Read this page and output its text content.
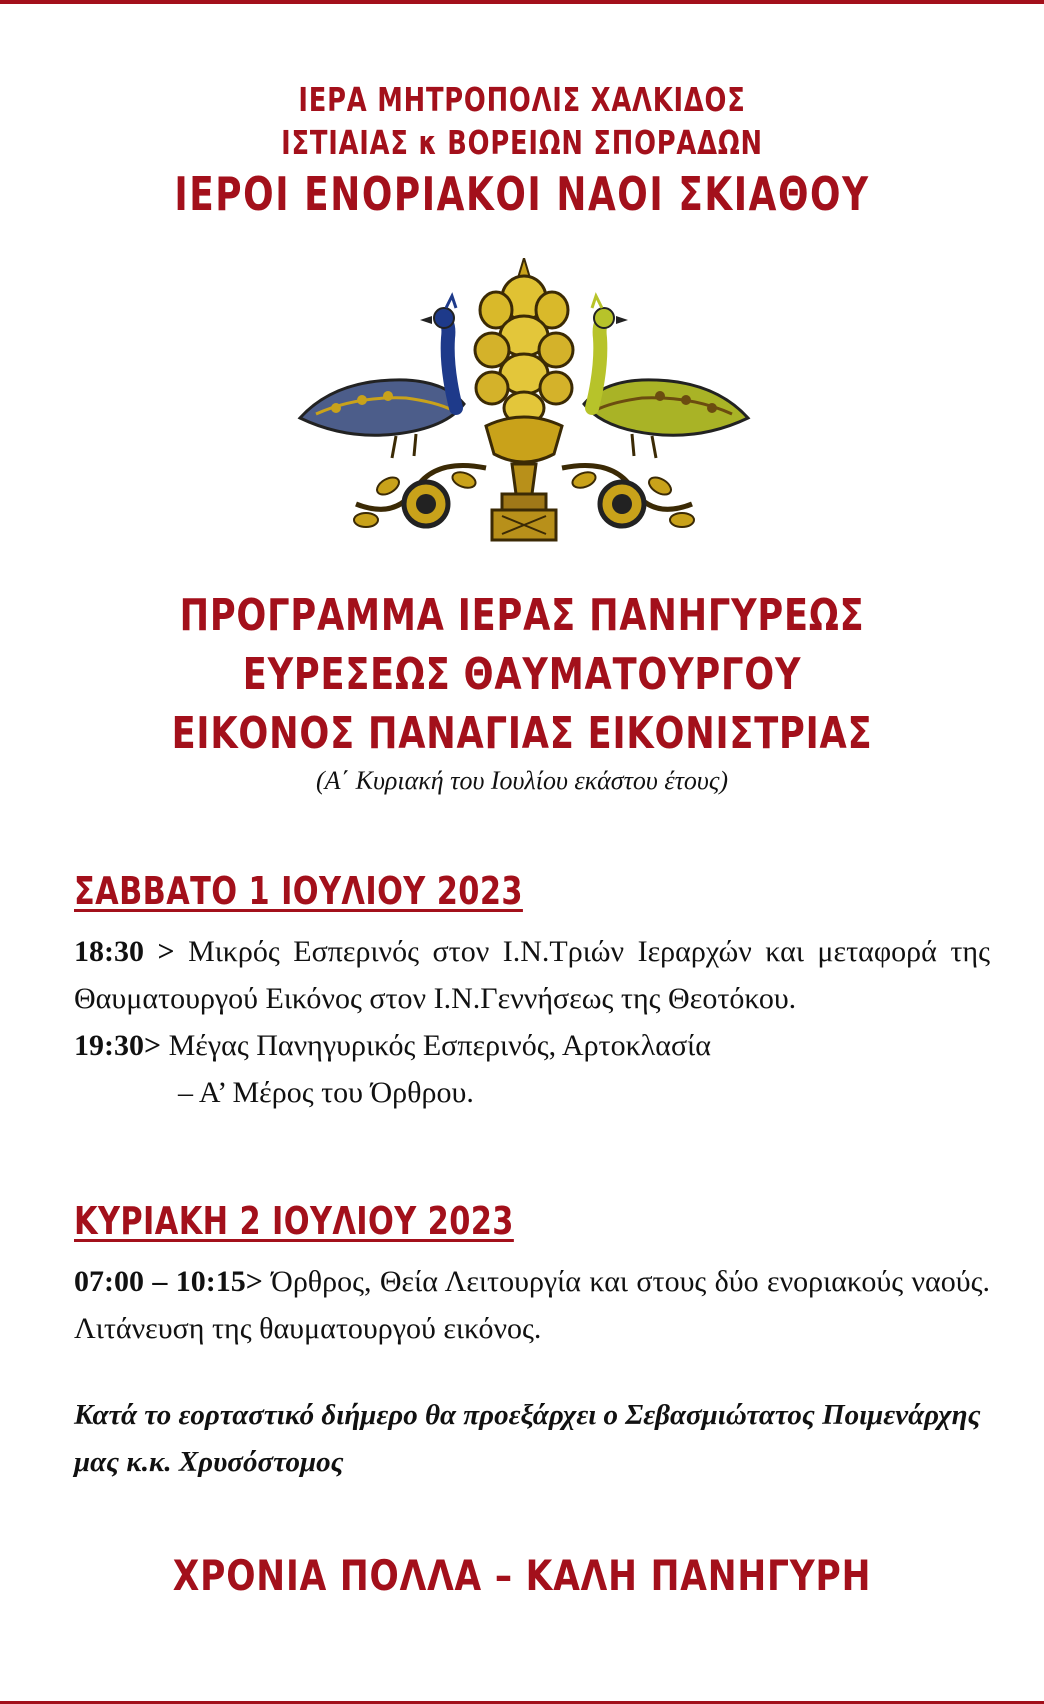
ΙΕΡΑ ΜΗΤΡΟΠΟΛΙΣ ΧΑΛΚΙΔΟΣ
ΙΣΤΙΑΙΑΣ κ ΒΟΡΕΙΩΝ ΣΠΟΡΑΔΩΝ
ΙΕΡΟΙ ΕΝΟΡΙΑΚΟΙ ΝΑΟΙ ΣΚΙΑΘΟΥ
ΠΡΟΓΡΑΜΜΑ ΙΕΡΑΣ ΠΑΝΗΓΥΡΕΩΣ
ΕΥΡΕΣΕΩΣ ΘΑΥΜΑΤΟΥΡΓΟΥ
ΕΙΚΟΝΟΣ ΠΑΝΑΓΙΑΣ ΕΙΚΟΝΙΣΤΡΙΑΣ
(Α΄ Κυριακή του Ιουλίου εκάστου έτους)
ΣΑΒΒΑΤΟ 1 ΙΟΥΛΙΟΥ 2023
18:30 > Μικρός Εσπερινός στον Ι.Ν.Τριών Ιεραρχών και μεταφορά της Θαυματουργού Εικόνος στον Ι.Ν.Γεννήσεως της Θεοτόκου.
19:30> Μέγας Πανηγυρικός Εσπερινός, Αρτοκλασία
– Α’ Μέρος του Όρθρου.
ΚΥΡΙΑΚΗ 2 ΙΟΥΛΙΟΥ 2023
07:00 – 10:15> Όρθρος, Θεία Λειτουργία και στους δύο ενοριακούς ναούς. Λιτάνευση της θαυματουργού εικόνος.
Κατά το εορταστικό διήμερο θα προεξάρχει ο Σεβασμιώτατος Ποιμενάρχης μας κ.κ. Χρυσόστομος
ΧΡΟΝΙΑ ΠΟΛΛΑ – ΚΑΛΗ ΠΑΝΗΓΥΡΗ
